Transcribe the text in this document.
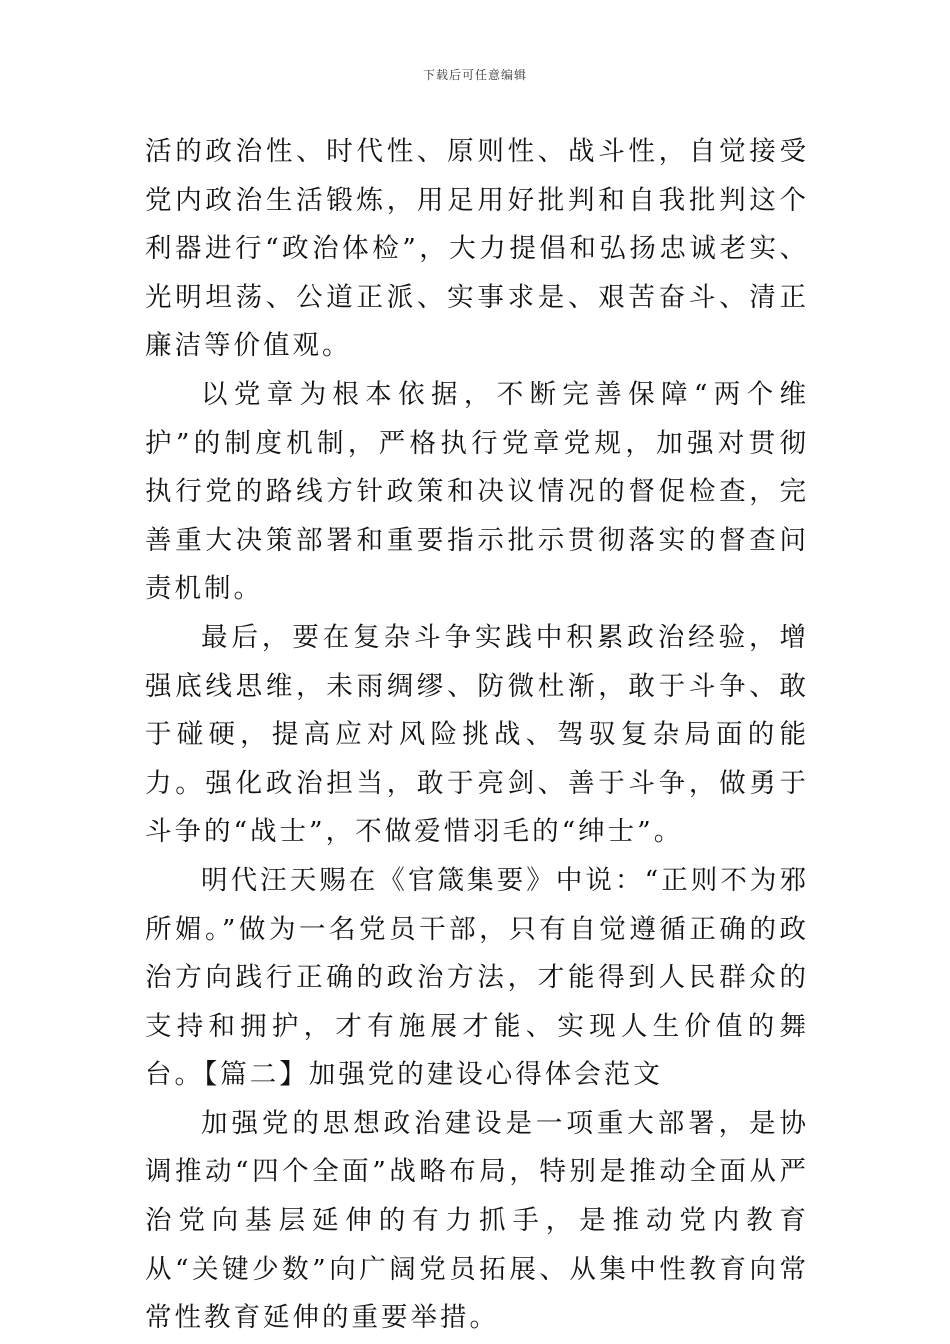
下载后可任意编辑

活的政治性、时代性、原则性、战斗性，自觉接受党内政治生活锻炼，用足用好批判和自我批判这个利器进行“政治体检”，大力提倡和弘扬忠诚老实、光明坦荡、公道正派、实事求是、艰苦奋斗、清正廉洁等价值观。

以党章为根本依据，不断完善保障“两个维护”的制度机制，严格执行党章党规，加强对贯彻执行党的路线方针政策和决议情况的督促检查，完善重大决策部署和重要指示批示贯彻落实的督查问责机制。

最后，要在复杂斗争实践中积累政治经验，增强底线思维，未雨绸缪、防微杜渐，敢于斗争、敢于碰硬，提高应对风险挑战、驾驭复杂局面的能力。强化政治担当，敢于亮剑、善于斗争，做勇于斗争的“战士”，不做爱惜羽毛的“绅士”。

明代汪天赐在《官箴集要》中说：“正则不为邪所媚。”做为一名党员干部，只有自觉遵循正确的政治方向践行正确的政治方法，才能得到人民群众的支持和拥护，才有施展才能、实现人生价值的舞台。【篇二】加强党的建设心得体会范文

加强党的思想政治建设是一项重大部署，是协调推动“四个全面”战略布局，特别是推动全面从严治党向基层延伸的有力抓手，是推动党内教育从“关键少数”向广阔党员拓展、从集中性教育向常常性教育延伸的重要举措。
